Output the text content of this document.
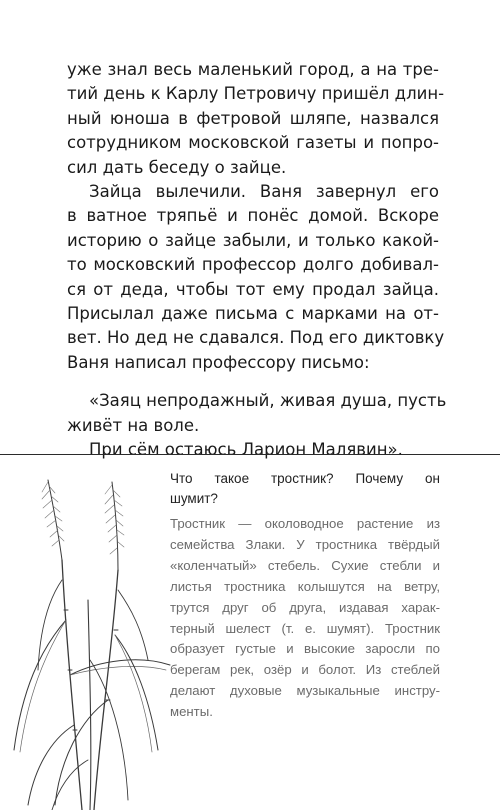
уже знал весь маленький город, а на тре-
тий день к Карлу Петровичу пришёл длин-
ный юноша в фетровой шляпе, назвался
сотрудником московской газеты и попро-
сил дать беседу о зайце.
Зайца вылечили. Ваня завернул его
в ватное тряпьё и понёс домой. Вскоре
историю о зайце забыли, и только какой-
то московский профессор долго добивал-
ся от деда, чтобы тот ему продал зайца.
Присылал даже письма с марками на от-
вет. Но дед не сдавался. Под его диктовку
Ваня написал профессору письмо:
«Заяц непродажный, живая душа, пусть
живёт на воле.
При сём остаюсь Ларион Малявин».
Что такое тростник? Почему он
шумит?
Тростник — околоводное растение из
семейства Злаки. У тростника твёрдый
«коленчатый» стебель. Сухие стебли и
листья тростника колышутся на ветру,
трутся друг об друга, издавая харак-
терный шелест (т. е. шумят). Тростник
образует густые и высокие заросли по
берегам рек, озёр и болот. Из стеблей
делают духовые музыкальные инстру-
менты.
